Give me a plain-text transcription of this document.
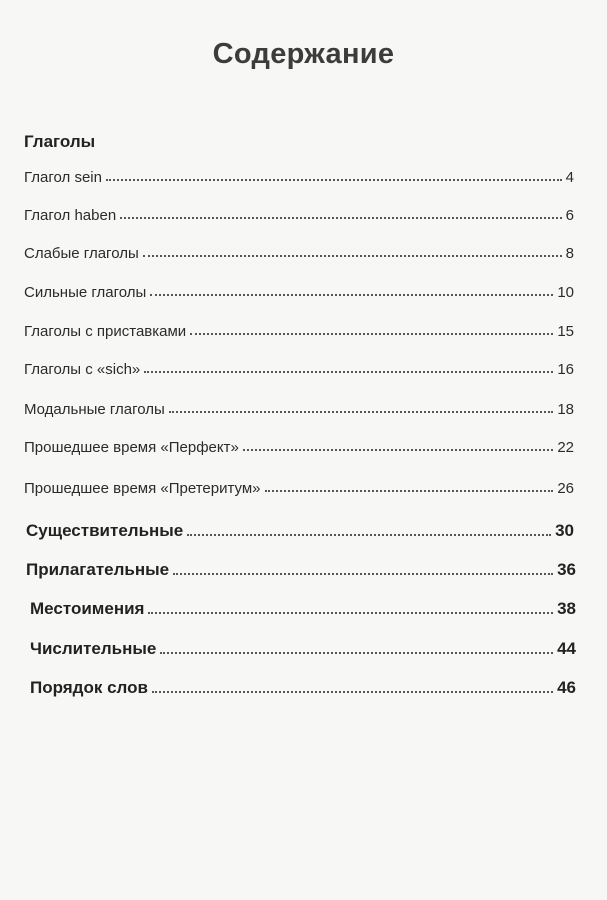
Содержание
Глаголы
Глагол sein	4
Глагол haben	6
Слабые глаголы	8
Сильные глаголы	10
Глаголы с приставками	15
Глаголы с «sich»	16
Модальные глаголы	18
Прошедшее время «Перфект»	22
Прошедшее время «Претеритум»	26
Существительные	30
Прилагательные	36
Местоимения	38
Числительные	44
Порядок слов	46
